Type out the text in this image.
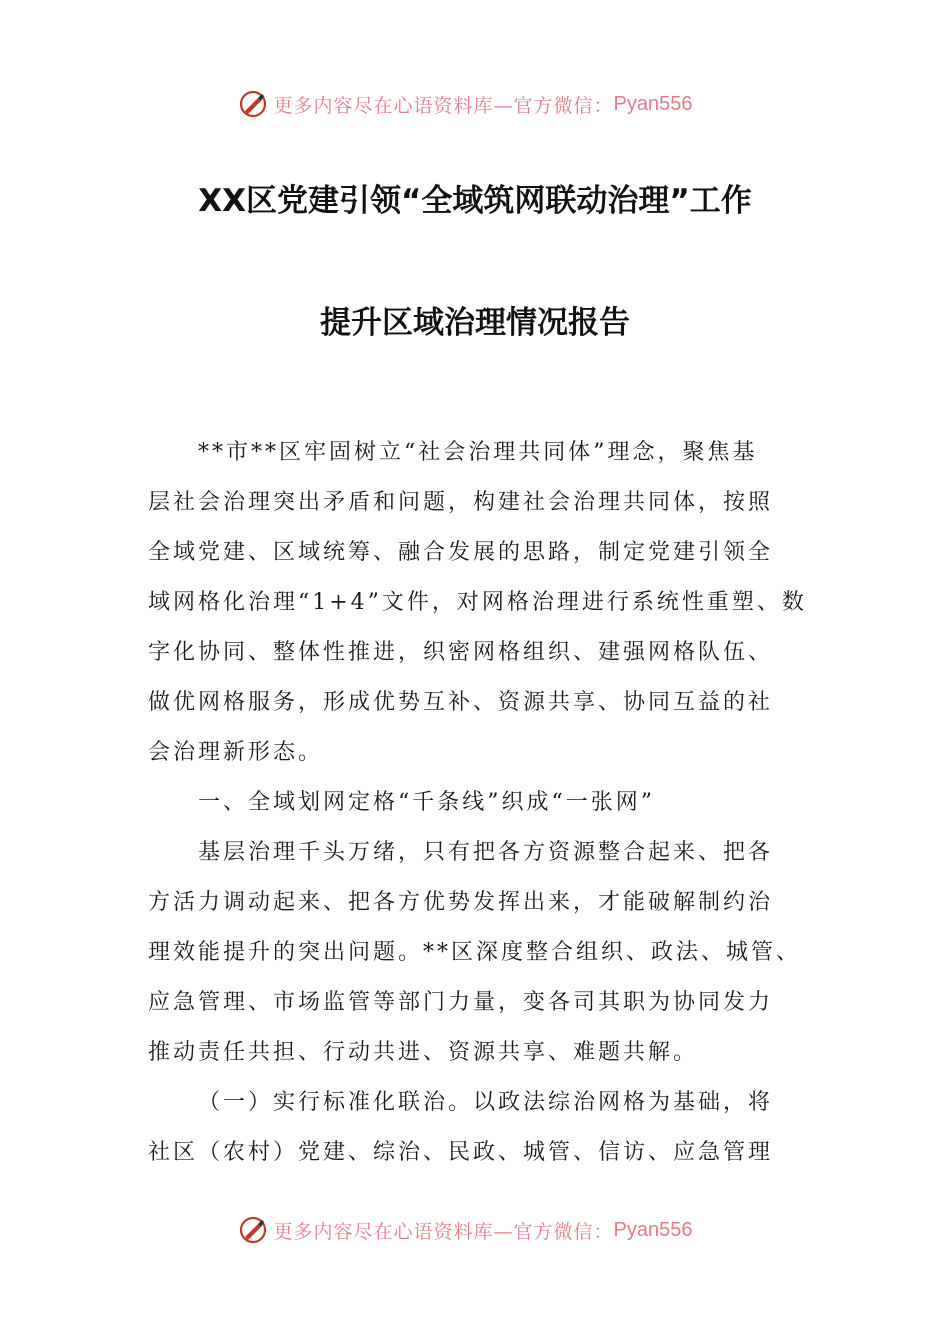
更多内容尽在心语资料库—官方微信： Pyan556
XX区党建引领“全域筑网联动治理”工作
提升区域治理情况报告
**市**区牢固树立“社会治理共同体”理念，聚焦基
层社会治理突出矛盾和问题，构建社会治理共同体，按照
全域党建、区域统筹、融合发展的思路，制定党建引领全
域网格化治理“1+4”文件，对网格治理进行系统性重塑、数
字化协同、整体性推进，织密网格组织、建强网格队伍、
做优网格服务，形成优势互补、资源共享、协同互益的社
会治理新形态。
一、全域划网定格“千条线”织成“一张网”
基层治理千头万绪，只有把各方资源整合起来、把各
方活力调动起来、把各方优势发挥出来，才能破解制约治
理效能提升的突出问题。**区深度整合组织、政法、城管、
应急管理、市场监管等部门力量，变各司其职为协同发力
推动责任共担、行动共进、资源共享、难题共解。
（一）实行标准化联治。以政法综治网格为基础，将
社区（农村）党建、综治、民政、城管、信访、应急管理
更多内容尽在心语资料库—官方微信： Pyan556
